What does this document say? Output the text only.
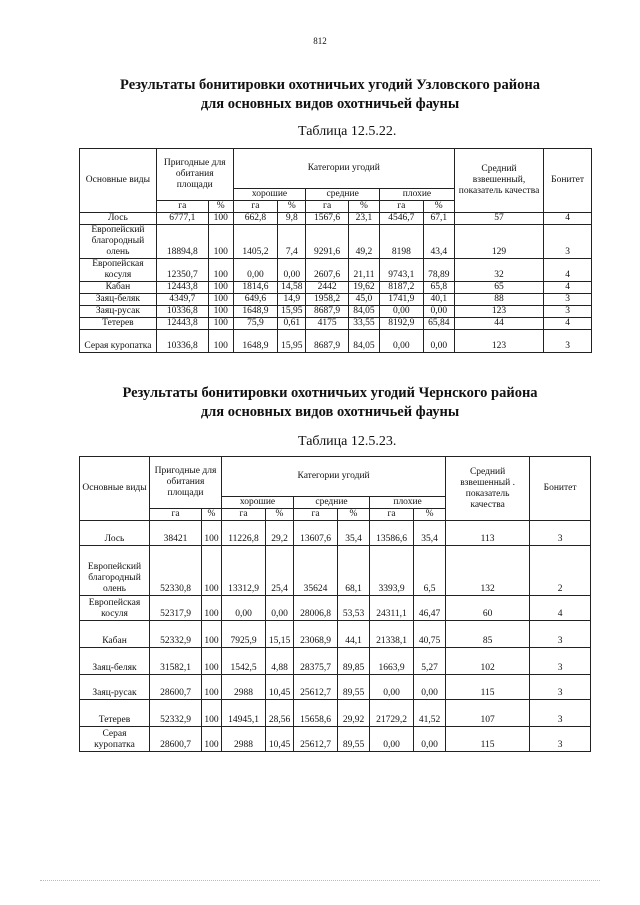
812
Результаты бонитировки охотничьих угодий Узловского района
для основных видов охотничьей фауны
Таблица 12.5.22.
Основные виды	Пригодные для обитания площади		Категории угодий						Средний взвешенный, показатель качества	Бонитет
			хорошие		средние		плохие			
	га	%	га	%	га	%	га	%		
Лось	6777,1	100	662,8	9,8	1567,6	23,1	4546,7	67,1	57	4
Европейский благородный олень	18894,8	100	1405,2	7,4	9291,6	49,2	8198	43,4	129	3
Европейская косуля	12350,7	100	0,00	0,00	2607,6	21,11	9743,1	78,89	32	4
Кабан	12443,8	100	1814,6	14,58	2442	19,62	8187,2	65,8	65	4
Заяц-беляк	4349,7	100	649,6	14,9	1958,2	45,0	1741,9	40,1	88	3
Заяц-русак	10336,8	100	1648,9	15,95	8687,9	84,05	0,00	0,00	123	3
Тетерев	12443,8	100	75,9	0,61	4175	33,55	8192,9	65,84	44	4
Серая куропатка	10336,8	100	1648,9	15,95	8687,9	84,05	0,00	0,00	123	3
Результаты бонитировки охотничьих угодий Чернского района
для основных видов охотничьей фауны
Таблица 12.5.23.
Основные виды	Пригодные для обитания площади		Категории угодий						Средний взвешенный . показатель качества	Бонитет
			хорошие		средние		плохие			
	га	%	га	%	га	%	га	%		
Лось	38421	100	11226,8	29,2	13607,6	35,4	13586,6	35,4	113	3
Европейский благородный олень	52330,8	100	13312,9	25,4	35624	68,1	3393,9	6,5	132	2
Европейская косуля	52317,9	100	0,00	0,00	28006,8	53,53	24311,1	46,47	60	4
Кабан	52332,9	100	7925,9	15,15	23068,9	44,1	21338,1	40,75	85	3
Заяц-беляк	31582,1	100	1542,5	4,88	28375,7	89,85	1663,9	5,27	102	3
Заяц-русак	28600,7	100	2988	10,45	25612,7	89,55	0,00	0,00	115	3
Тетерев	52332,9	100	14945,1	28,56	15658,6	29,92	21729,2	41,52	107	3
Серая куропатка	28600,7	100	2988	10,45	25612,7	89,55	0,00	0,00	115	3
